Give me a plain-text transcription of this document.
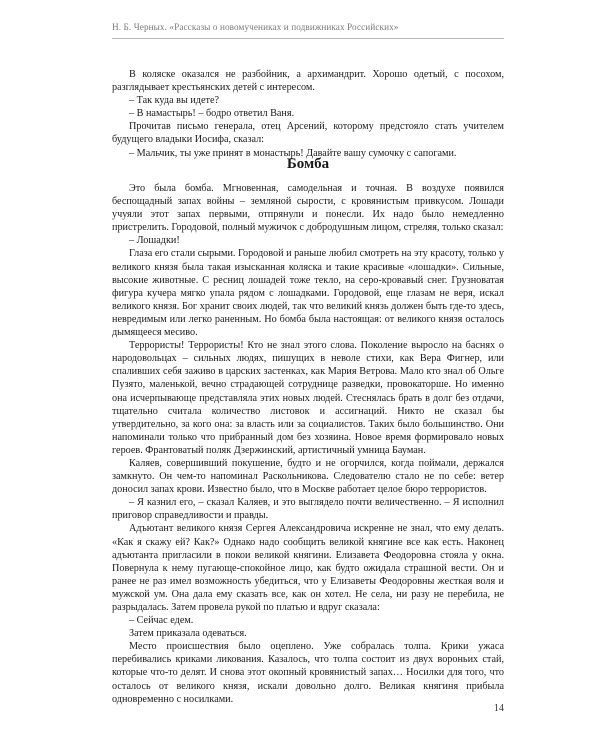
Н. Б. Черных. «Рассказы о новомучениках и подвижниках Российских»

В коляске оказался не разбойник, а архимандрит. Хорошо одетый, с посохом, разглядывает крестьянских детей с интересом.

– Так куда вы идете?

– В намастырь! – бодро ответил Ваня.

Прочитав письмо генерала, отец Арсений, которому предстояло стать учителем будущего владыки Иосифа, сказал:

– Мальчик, ты уже принят в монастырь! Давайте вашу сумочку с сапогами.

Бомба

Это была бомба. Мгновенная, самодельная и точная. В воздухе появился беспощадный запах войны – земляной сырости, с кровянистым привкусом. Лошади учуяли этот запах первыми, отпрянули и понесли. Их надо было немедленно пристрелить. Городовой, полный мужичок с добродушным лицом, стреляя, только сказал:

– Лошадки!

Глаза его стали сырыми. Городовой и раньше любил смотреть на эту красоту, только у великого князя была такая изысканная коляска и такие красивые «лошадки». Сильные, высокие животные. С ресниц лошадей тоже текло, на серо-кровавый снег. Грузноватая фигура кучера мягко упала рядом с лошадками. Городовой, еще глазам не веря, искал великого князя. Бог хранит своих людей, так что великий князь должен быть где-то здесь, невредимым или легко раненным. Но бомба была настоящая: от великого князя осталось дымящееся месиво.

Террористы! Террористы! Кто не знал этого слова. Поколение выросло на баснях о народовольцах – сильных людях, пишущих в неволе стихи, как Вера Фигнер, или спаливших себя заживо в царских застенках, как Мария Ветрова. Мало кто знал об Ольге Пузято, маленькой, вечно страдающей сотруднице разведки, провокаторше. Но именно она исчерпывающе представляла этих новых людей. Стеснялась брать в долг без отдачи, тщательно считала количество листовок и ассигнаций. Никто не сказал бы утвердительно, за кого она: за власть или за социалистов. Таких было большинство. Они напоминали только что прибранный дом без хозяина. Новое время формировало новых героев. Франтоватый поляк Дзержинский, артистичный умница Бауман.

Каляев, совершивший покушение, будто и не огорчился, когда поймали, держался замкнуто. Он чем-то напоминал Раскольникова. Следователю стало не по себе: ветер доносил запах крови. Известно было, что в Москве работает целое бюро террористов.

– Я казнил его, – сказал Каляев, и это выглядело почти величественно. – Я исполнил приговор справедливости и правды.

Адъютант великого князя Сергея Александровича искренне не знал, что ему делать. «Как я скажу ей? Как?» Однако надо сообщить великой княгине все как есть. Наконец адъютанта пригласили в покои великой княгини. Елизавета Феодоровна стояла у окна. Повернула к нему пугающе-спокойное лицо, как будто ожидала страшной вести. Он и ранее не раз имел возможность убедиться, что у Елизаветы Феодоровны жесткая воля и мужской ум. Она дала ему сказать все, как он хотел. Не села, ни разу не перебила, не разрыдалась. Затем провела рукой по платью и вдруг сказала:

– Сейчас едем.

Затем приказала одеваться.

Место происшествия было оцеплено. Уже собралась толпа. Крики ужаса перебивались криками ликования. Казалось, что толпа состоит из двух вороньих стай, которые что-то делят. И снова этот окопный кровянистый запах… Носилки для того, что осталось от великого князя, искали довольно долго. Великая княгиня прибыла одновременно с носилками.

14
